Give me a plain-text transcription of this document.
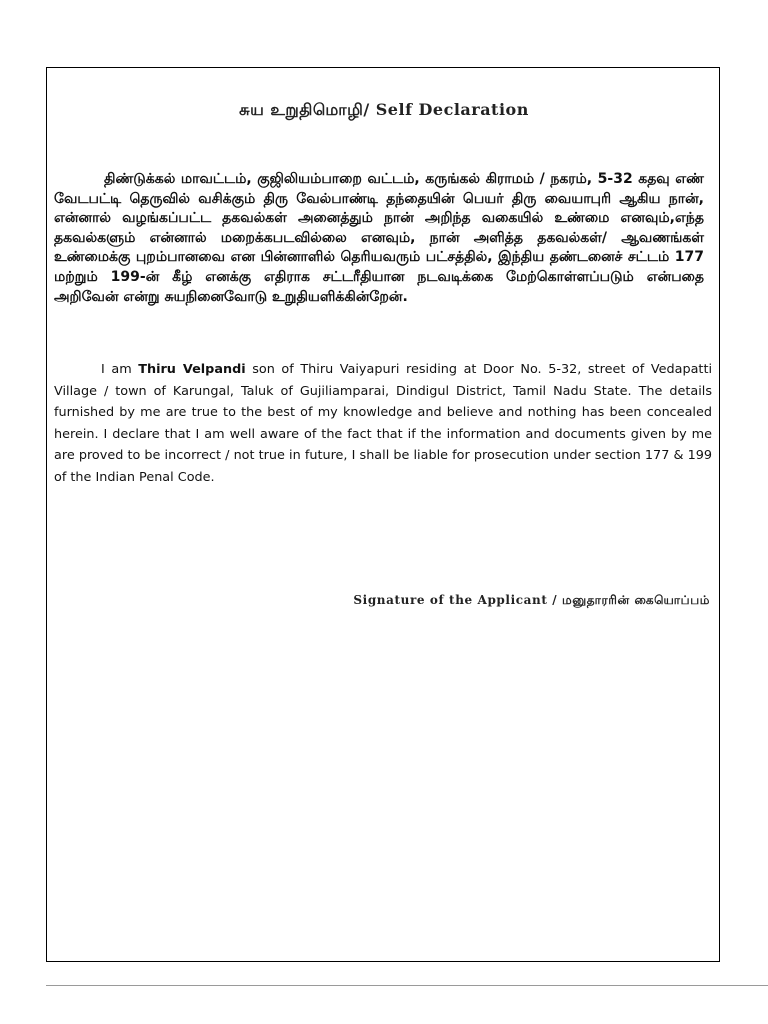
சுய உறுதிமொழி/ Self Declaration
திண்டுக்கல் மாவட்டம், குஜிலியம்பாறை வட்டம், கருங்கல் கிராமம் / நகரம், 5-32 கதவு எண் வேடபட்டி தெருவில் வசிக்கும் திரு வேல்பாண்டி தந்தையின் பெயர் திரு வையாபுரி ஆகிய நான், என்னால் வழங்கப்பட்ட தகவல்கள் அனைத்தும் நான் அறிந்த வகையில் உண்மை எனவும்,எந்த தகவல்களும் என்னால் மறைக்கபடவில்லை எனவும், நான் அளித்த தகவல்கள்/ ஆவணங்கள் உண்மைக்கு புறம்பானவை என பின்னாளில் தெரியவரும் பட்சத்தில், இந்திய தண்டனைச் சட்டம் 177 மற்றும் 199-ன் கீழ் எனக்கு எதிராக சட்டரீதியான நடவடிக்கை மேற்கொள்ளப்படும் என்பதை அறிவேன் என்று சுயநினைவோடு உறுதியளிக்கின்றேன்.
I am Thiru Velpandi son of Thiru Vaiyapuri residing at Door No. 5-32, street of Vedapatti Village / town of Karungal, Taluk of Gujiliamparai, Dindigul District, Tamil Nadu State. The details furnished by me are true to the best of my knowledge and believe and nothing has been concealed herein. I declare that I am well aware of the fact that if the information and documents given by me are proved to be incorrect / not true in future, I shall be liable for prosecution under section 177 & 199 of the Indian Penal Code.
Signature of the Applicant / மனுதாரரின் கையொப்பம்
